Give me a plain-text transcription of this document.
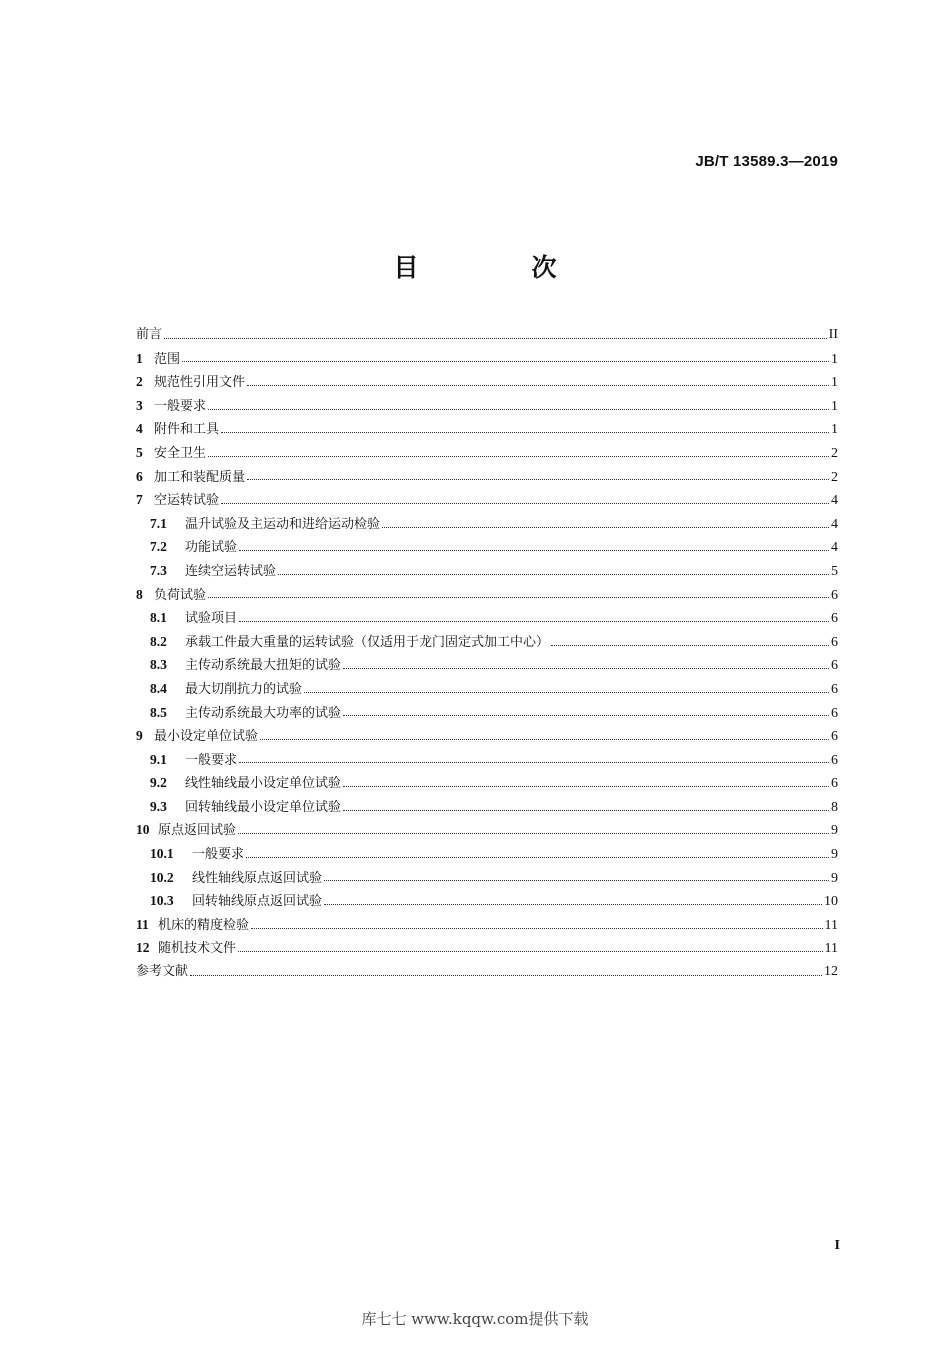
JB/T 13589.3—2019
目　次
前言	II
1 范围	1
2 规范性引用文件	1
3 一般要求	1
4 附件和工具	1
5 安全卫生	2
6 加工和装配质量	2
7 空运转试验	4
7.1	温升试验及主运动和进给运动检验	4
7.2	功能试验	4
7.3	连续空运转试验	5
8 负荷试验	6
8.1	试验项目	6
8.2	承载工件最大重量的运转试验（仅适用于龙门固定式加工中心）	6
8.3	主传动系统最大扭矩的试验	6
8.4	最大切削抗力的试验	6
8.5	主传动系统最大功率的试验	6
9 最小设定单位试验	6
9.1	一般要求	6
9.2	线性轴线最小设定单位试验	6
9.3	回转轴线最小设定单位试验	8
10 原点返回试验	9
10.1	一般要求	9
10.2	线性轴线原点返回试验	9
10.3	回转轴线原点返回试验	10
11 机床的精度检验	11
12 随机技术文件	11
参考文献	12
I
库七七 www.kqqw.com提供下载
